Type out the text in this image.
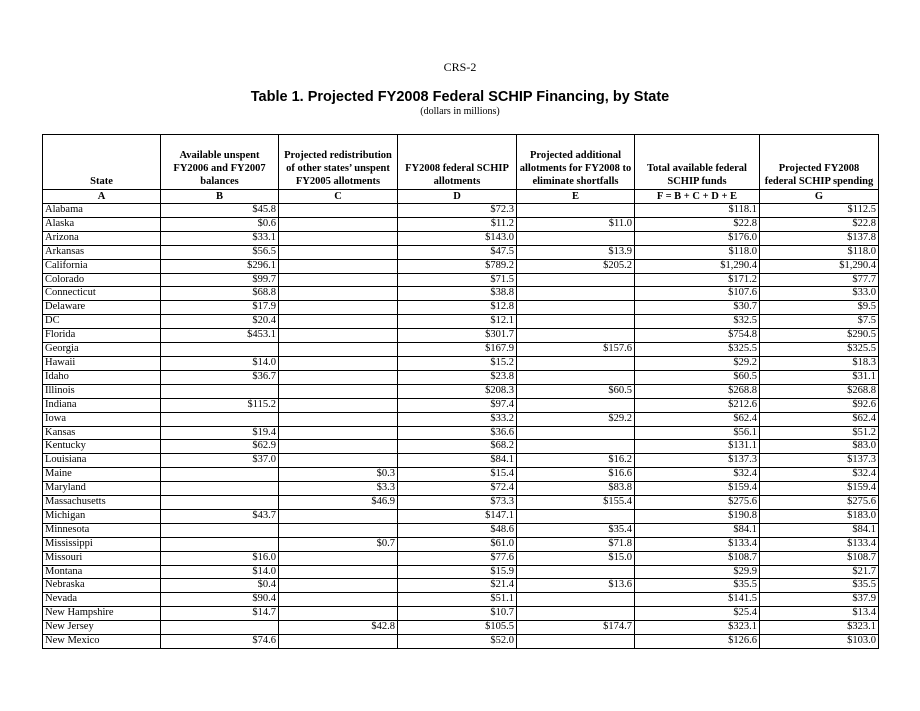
CRS-2
Table 1. Projected FY2008 Federal SCHIP Financing, by State
(dollars in millions)
State	Available unspent FY2006 and FY2007 balances	Projected redistribution of other states’ unspent FY2005 allotments	FY2008 federal SCHIP allotments	Projected additional allotments for FY2008 to eliminate shortfalls	Total available federal SCHIP funds	Projected FY2008 federal SCHIP spending
A	B	C	D	E	F = B + C + D + E	G
Alabama	$45.8		$72.3		$118.1	$112.5
Alaska	$0.6		$11.2	$11.0	$22.8	$22.8
Arizona	$33.1		$143.0		$176.0	$137.8
Arkansas	$56.5		$47.5	$13.9	$118.0	$118.0
California	$296.1		$789.2	$205.2	$1,290.4	$1,290.4
Colorado	$99.7		$71.5		$171.2	$77.7
Connecticut	$68.8		$38.8		$107.6	$33.0
Delaware	$17.9		$12.8		$30.7	$9.5
DC	$20.4		$12.1		$32.5	$7.5
Florida	$453.1		$301.7		$754.8	$290.5
Georgia			$167.9	$157.6	$325.5	$325.5
Hawaii	$14.0		$15.2		$29.2	$18.3
Idaho	$36.7		$23.8		$60.5	$31.1
Illinois			$208.3	$60.5	$268.8	$268.8
Indiana	$115.2		$97.4		$212.6	$92.6
Iowa			$33.2	$29.2	$62.4	$62.4
Kansas	$19.4		$36.6		$56.1	$51.2
Kentucky	$62.9		$68.2		$131.1	$83.0
Louisiana	$37.0		$84.1	$16.2	$137.3	$137.3
Maine		$0.3	$15.4	$16.6	$32.4	$32.4
Maryland		$3.3	$72.4	$83.8	$159.4	$159.4
Massachusetts		$46.9	$73.3	$155.4	$275.6	$275.6
Michigan	$43.7		$147.1		$190.8	$183.0
Minnesota			$48.6	$35.4	$84.1	$84.1
Mississippi		$0.7	$61.0	$71.8	$133.4	$133.4
Missouri	$16.0		$77.6	$15.0	$108.7	$108.7
Montana	$14.0		$15.9		$29.9	$21.7
Nebraska	$0.4		$21.4	$13.6	$35.5	$35.5
Nevada	$90.4		$51.1		$141.5	$37.9
New Hampshire	$14.7		$10.7		$25.4	$13.4
New Jersey		$42.8	$105.5	$174.7	$323.1	$323.1
New Mexico	$74.6		$52.0		$126.6	$103.0
